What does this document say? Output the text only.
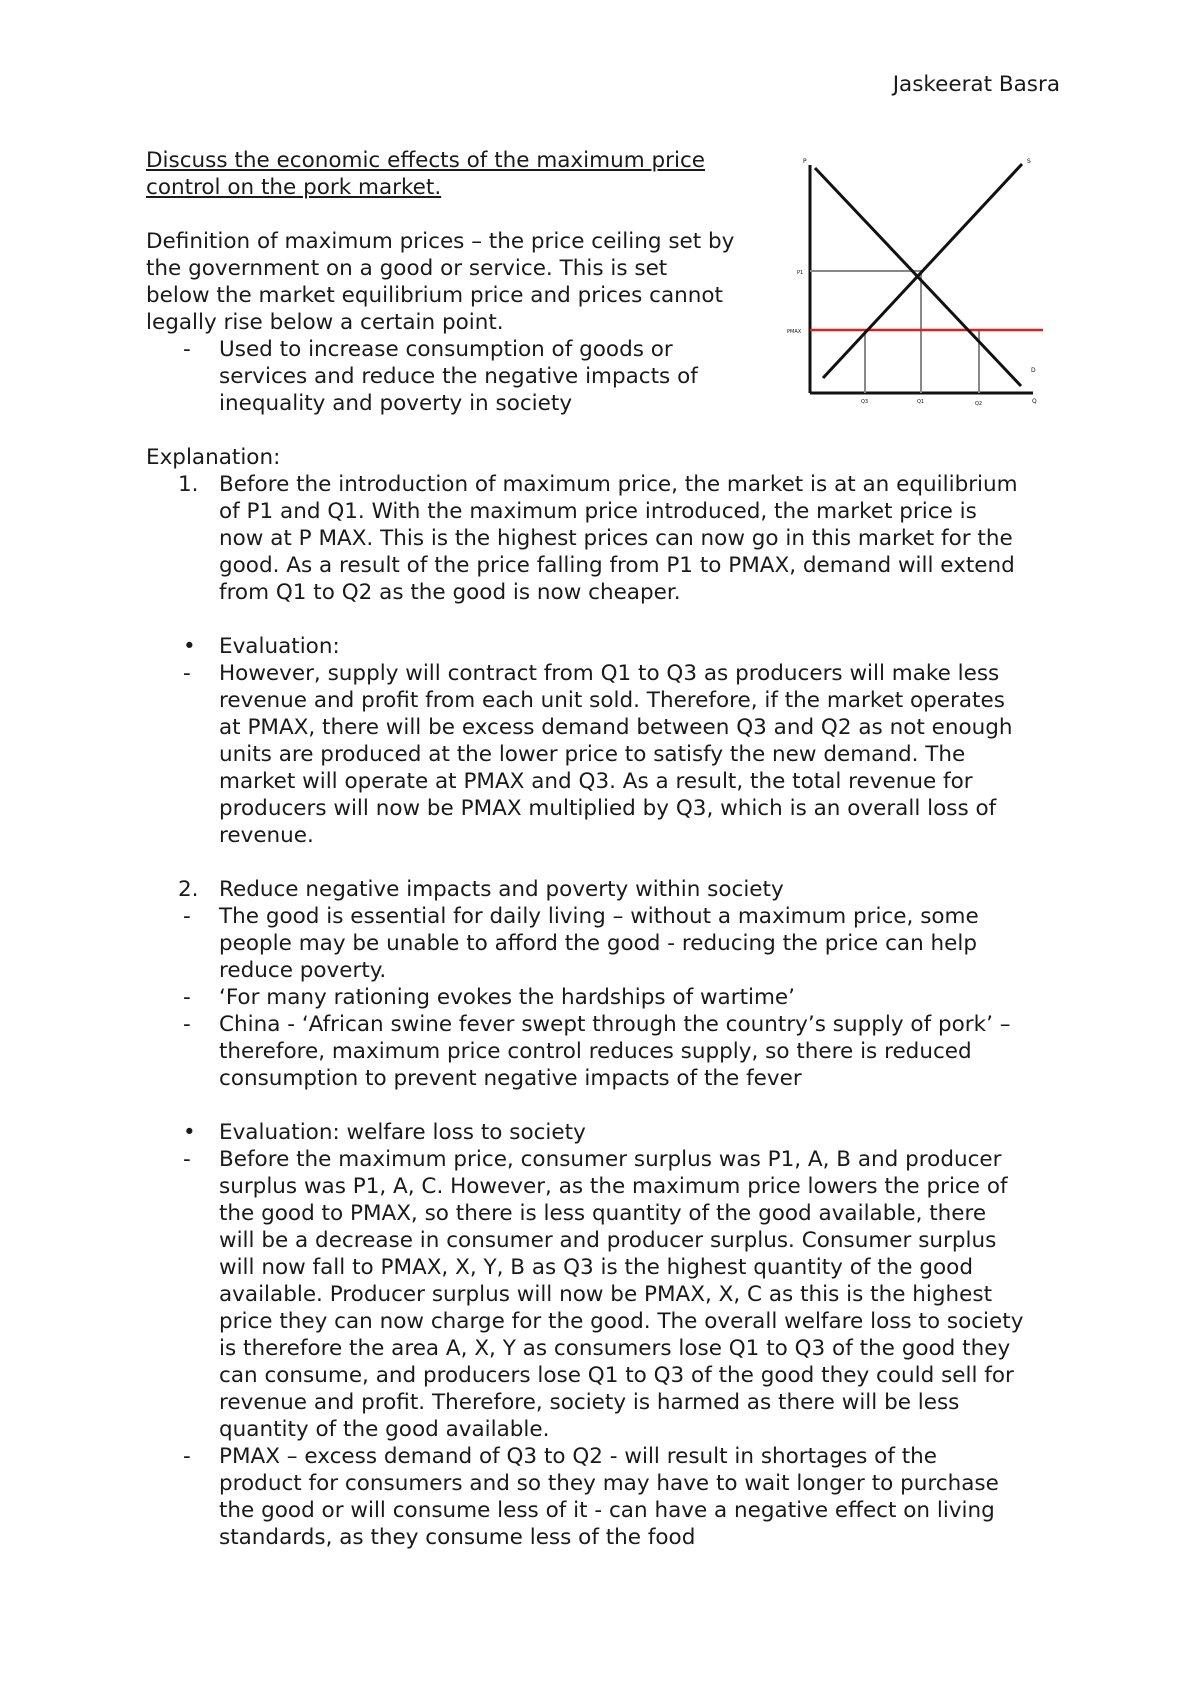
Jaskeerat Basra

Discuss the economic effects of the maximum price

control on the pork market.

Definition of maximum prices – the price ceiling set by

the government on a good or service. This is set

below the market equilibrium price and prices cannot

legally rise below a certain point.

- Used to increase consumption of goods or

services and reduce the negative impacts of

inequality and poverty in society

Explanation:

1. Before the introduction of maximum price, the market is at an equilibrium

of P1 and Q1. With the maximum price introduced, the market price is

now at P MAX. This is the highest prices can now go in this market for the

good. As a result of the price falling from P1 to PMAX, demand will extend

from Q1 to Q2 as the good is now cheaper.

• Evaluation:

- However, supply will contract from Q1 to Q3 as producers will make less

revenue and profit from each unit sold. Therefore, if the market operates

at PMAX, there will be excess demand between Q3 and Q2 as not enough

units are produced at the lower price to satisfy the new demand. The

market will operate at PMAX and Q3. As a result, the total revenue for

producers will now be PMAX multiplied by Q3, which is an overall loss of

revenue.

2. Reduce negative impacts and poverty within society

- The good is essential for daily living – without a maximum price, some

people may be unable to afford the good - reducing the price can help

reduce poverty.

- ‘For many rationing evokes the hardships of wartime’

- China - ‘African swine fever swept through the country’s supply of pork’ –

therefore, maximum price control reduces supply, so there is reduced

consumption to prevent negative impacts of the fever

• Evaluation: welfare loss to society

- Before the maximum price, consumer surplus was P1, A, B and producer

surplus was P1, A, C. However, as the maximum price lowers the price of

the good to PMAX, so there is less quantity of the good available, there

will be a decrease in consumer and producer surplus. Consumer surplus

will now fall to PMAX, X, Y, B as Q3 is the highest quantity of the good

available. Producer surplus will now be PMAX, X, C as this is the highest

price they can now charge for the good. The overall welfare loss to society

is therefore the area A, X, Y as consumers lose Q1 to Q3 of the good they

can consume, and producers lose Q1 to Q3 of the good they could sell for

revenue and profit. Therefore, society is harmed as there will be less

quantity of the good available.

- PMAX – excess demand of Q3 to Q2 - will result in shortages of the

product for consumers and so they may have to wait longer to purchase

the good or will consume less of it - can have a negative effect on living

standards, as they consume less of the food

P	S
P1
PMAX
D
Q3	Q1	Q2	Q
